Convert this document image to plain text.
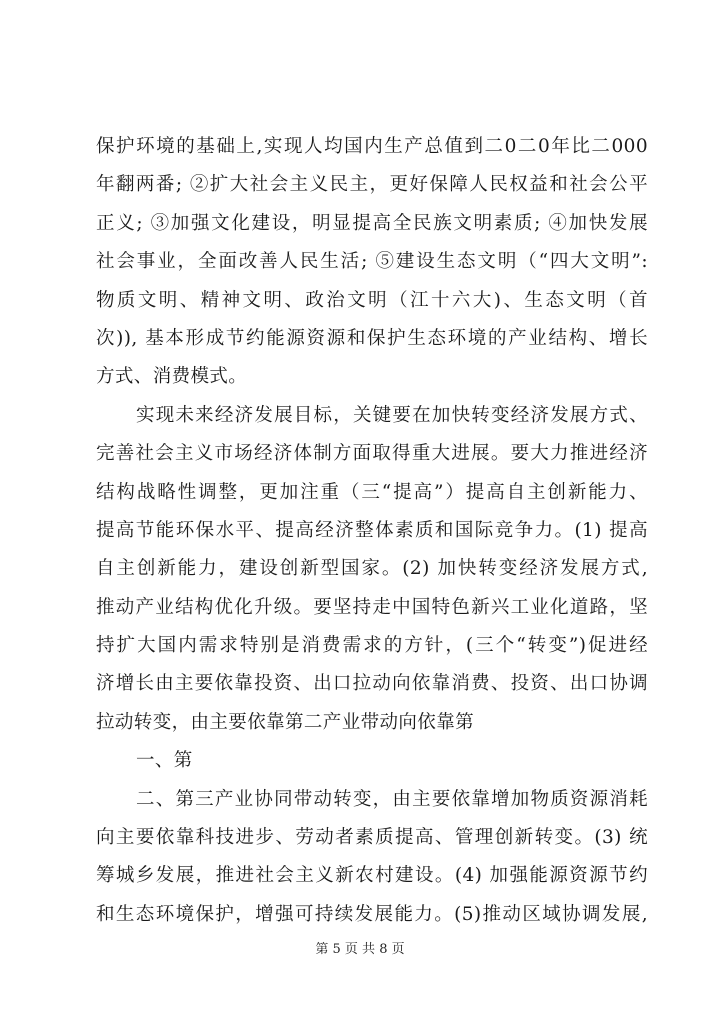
保护环境的基础上,实现人均国内生产总值到二0二0年比二000
年翻两番; ②扩大社会主义民主，更好保障人民权益和社会公平
正义; ③加强文化建设，明显提高全民族文明素质; ④加快发展
社会事业，全面改善人民生活; ⑤建设生态文明（“四大文明”:
物质文明、精神文明、政治文明（江十六大)、生态文明（首
次)), 基本形成节约能源资源和保护生态环境的产业结构、增长
方式、消费模式。
实现未来经济发展目标，关键要在加快转变经济发展方式、
完善社会主义市场经济体制方面取得重大进展。要大力推进经济
结构战略性调整，更加注重（三“提高”）提高自主创新能力、
提高节能环保水平、提高经济整体素质和国际竞争力。(1) 提高
自主创新能力，建设创新型国家。(2) 加快转变经济发展方式,
推动产业结构优化升级。要坚持走中国特色新兴工业化道路，坚
持扩大国内需求特别是消费需求的方针，(三个“转变”)促进经
济增长由主要依靠投资、出口拉动向依靠消费、投资、出口协调
拉动转变，由主要依靠第二产业带动向依靠第
一、第
二、第三产业协同带动转变，由主要依靠增加物质资源消耗
向主要依靠科技进步、劳动者素质提高、管理创新转变。(3) 统
筹城乡发展，推进社会主义新农村建设。(4) 加强能源资源节约
和生态环境保护，增强可持续发展能力。(5)推动区域协调发展,
第 5 页 共 8 页
